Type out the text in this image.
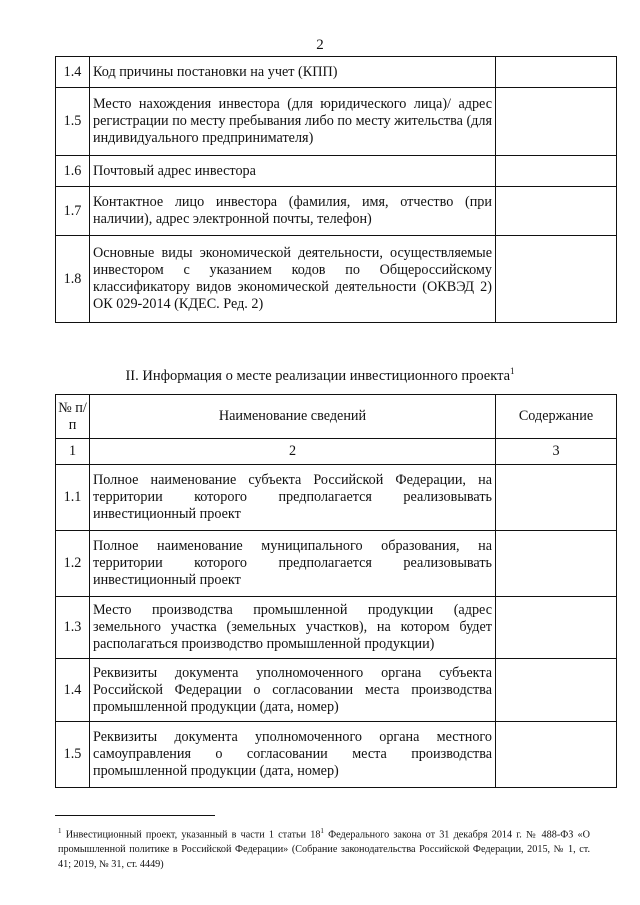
2
1.4	Код причины постановки на учет (КПП)	
1.5	Место нахождения инвестора (для юридического лица)/ адрес регистрации по месту пребывания либо по месту жительства (для индивидуального предпринимателя)	
1.6	Почтовый адрес инвестора	
1.7	Контактное лицо инвестора (фамилия, имя, отчество (при наличии), адрес электронной почты, телефон)	
1.8	Основные виды экономической деятельности, осуществляемые инвестором с указанием кодов по Общероссийскому классификатору видов экономической деятельности (ОКВЭД 2) ОК 029-2014 (КДЕС. Ред. 2)	
II. Информация о месте реализации инвестиционного проекта$^1$
№ п/п	Наименование сведений	Содержание
1	2	3
1.1	Полное наименование субъекта Российской Федерации, на территории которого предполагается реализовывать инвестиционный проект	
1.2	Полное наименование муниципального образования, на территории которого предполагается реализовывать инвестиционный проект	
1.3	Место производства промышленной продукции (адрес земельного участка (земельных участков), на котором будет располагаться производство промышленной продукции)	
1.4	Реквизиты документа уполномоченного органа субъекта Российской Федерации о согласовании места производства промышленной продукции (дата, номер)	
1.5	Реквизиты документа уполномоченного органа местного самоуправления о согласовании места производства промышленной продукции (дата, номер)	
$^1$ Инвестиционный проект, указанный в части 1 статьи $18^1$ Федерального закона от 31 декабря 2014 г. № 488-ФЗ «О промышленной политике в Российской Федерации» (Собрание законодательства Российской Федерации, 2015, № 1, ст. 41; 2019, № 31, ст. 4449)
